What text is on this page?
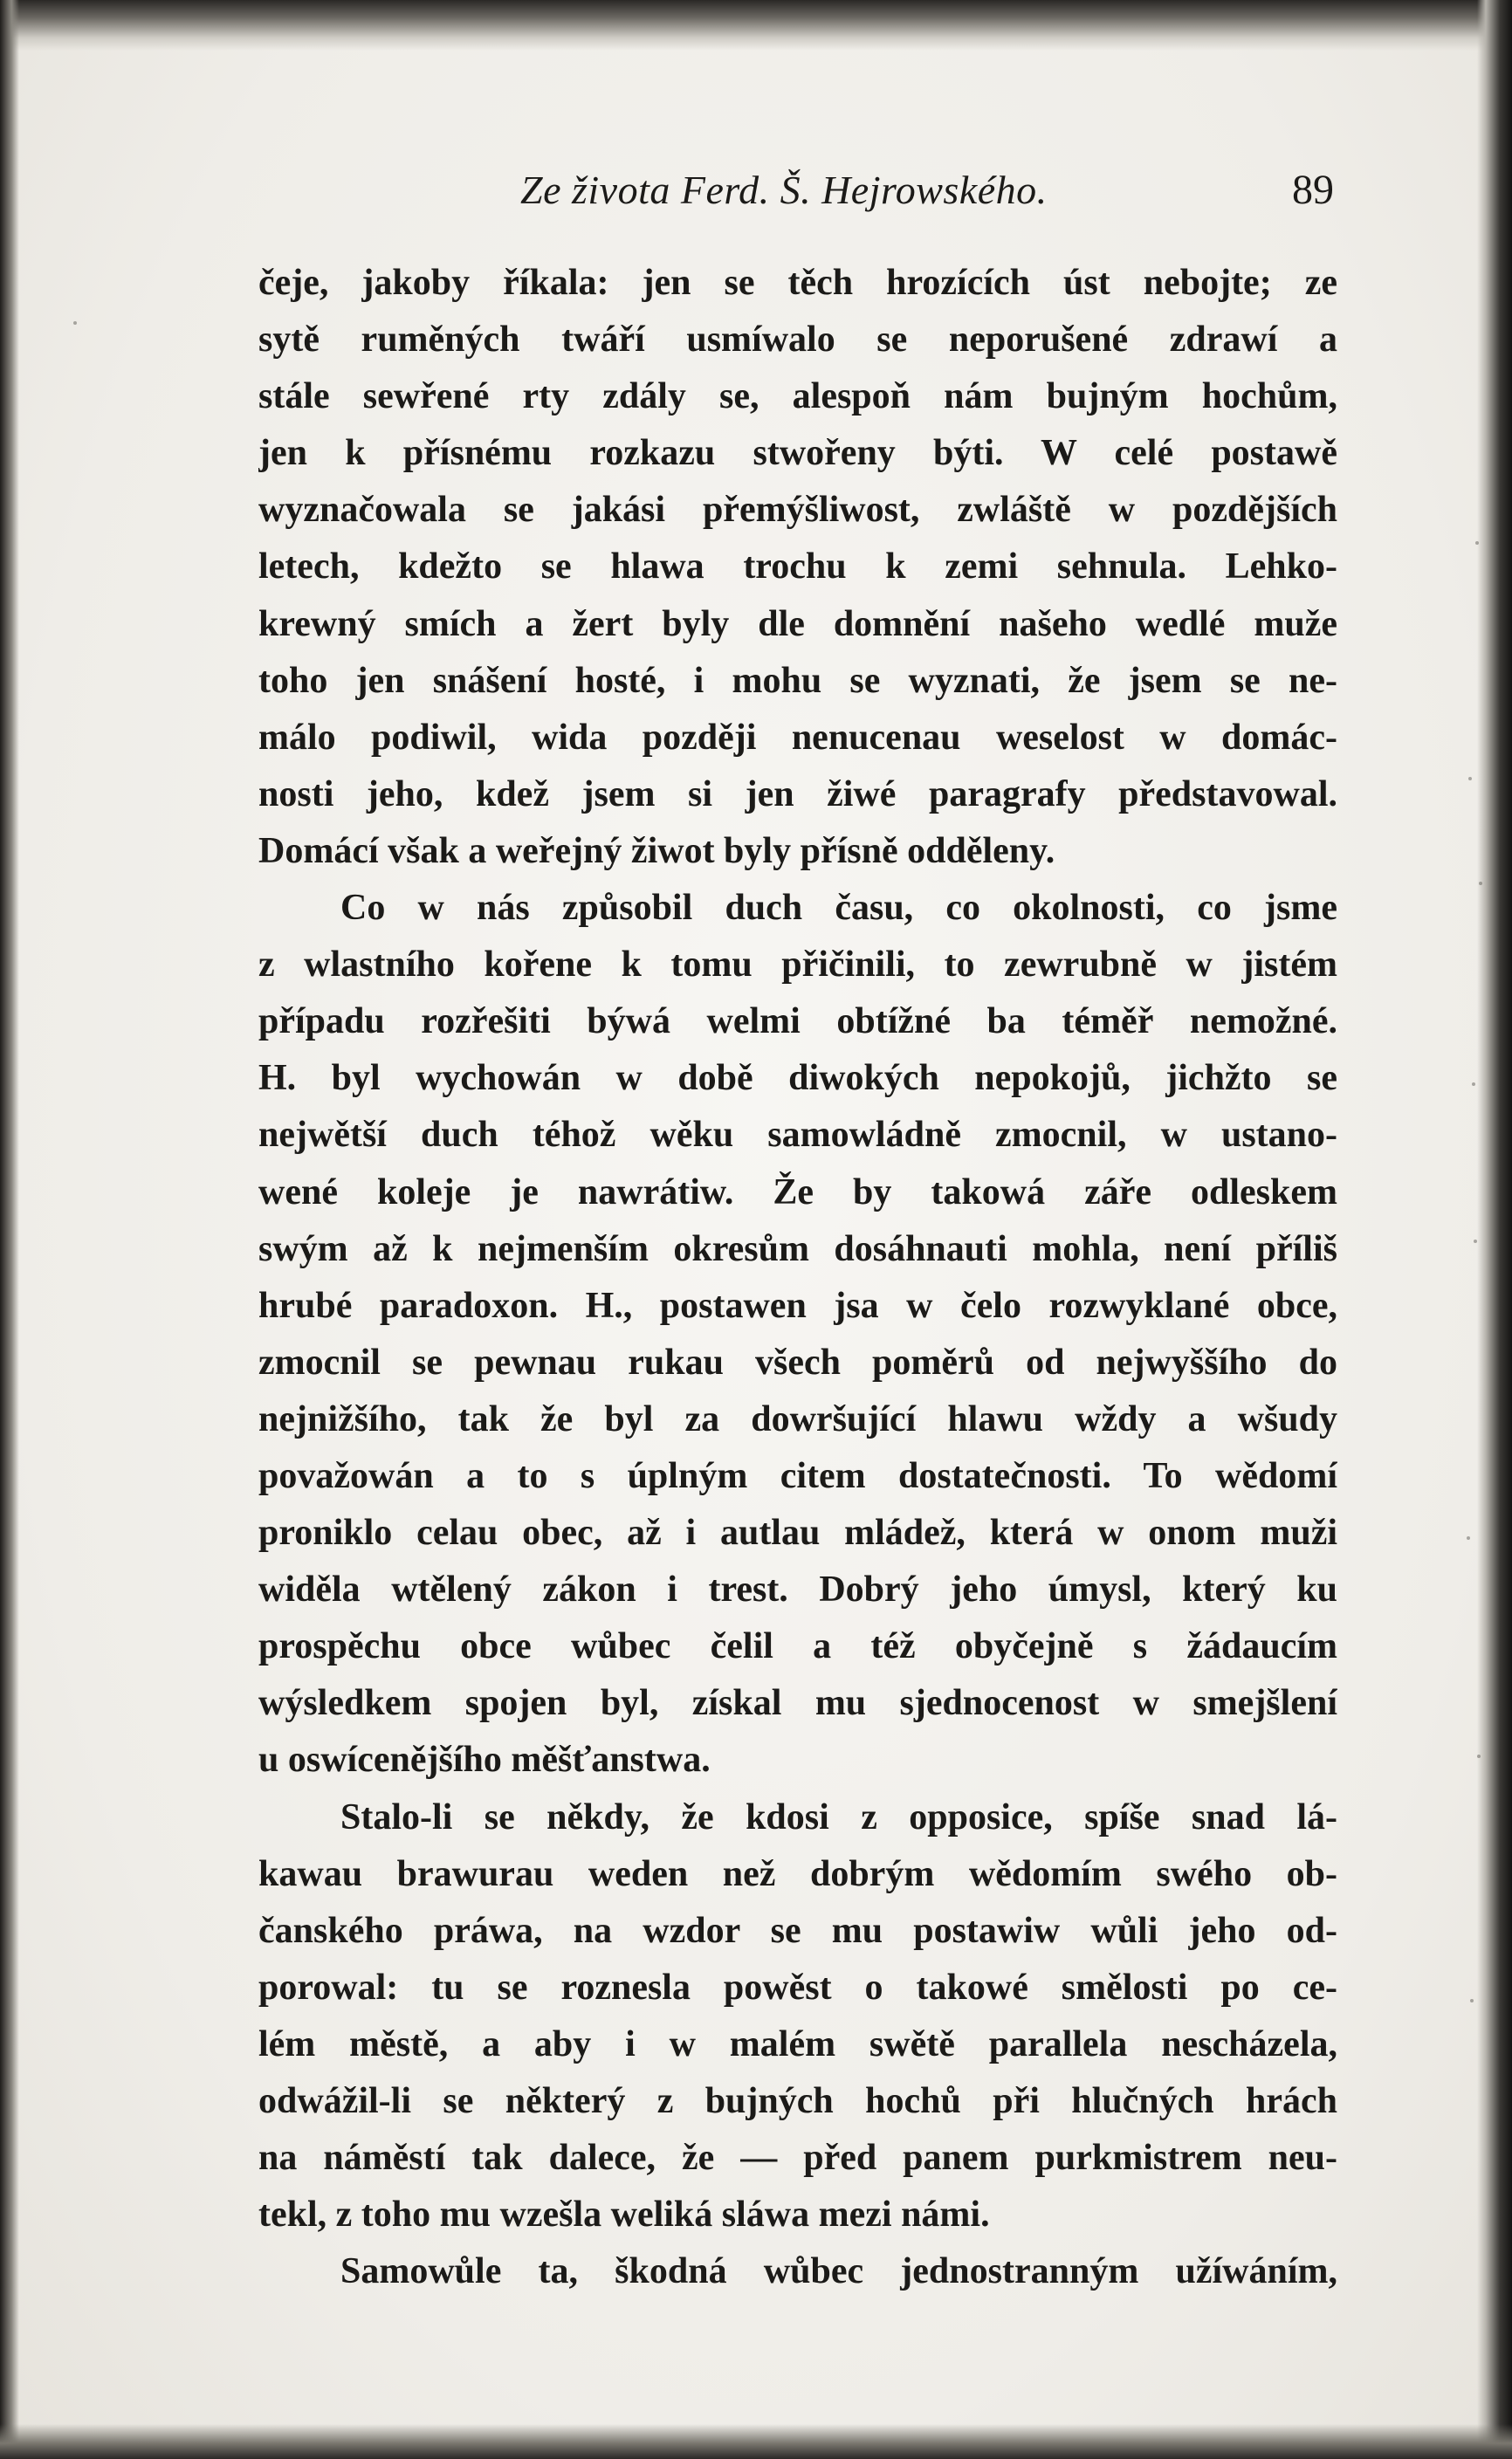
Ze života Ferd. Š. Hejrowského.	89
čeje, jakoby říkala: jen se těch hrozících úst nebojte; ze
sytě ruměných twáří usmíwalo se neporušené zdrawí a
stále sewřené rty zdály se, alespoň nám bujným hochům,
jen k přísnému rozkazu stwořeny býti. W celé postawě
wyznačowala se jakási přemýšliwost, zwláště w pozdějších
letech, kdežto se hlawa trochu k zemi sehnula. Lehko-
krewný smích a žert byly dle domnění našeho wedlé muže
toho jen snášení hosté, i mohu se wyznati, že jsem se ne-
málo podiwil, wida později nenucenau weselost w domác-
nosti jeho, kdež jsem si jen žiwé paragrafy představowal.
Domácí však a weřejný žiwot byly přísně odděleny.
Co w nás způsobil duch času, co okolnosti, co jsme
z wlastního kořene k tomu přičinili, to zewrubně w jistém
případu rozřešiti býwá welmi obtížné ba téměř nemožné.
H. byl wychowán w době diwokých nepokojů, jichžto se
nejwětší duch téhož wěku samowládně zmocnil, w ustano-
wené koleje je nawrátiw. Že by takowá záře odleskem
swým až k nejmenším okresům dosáhnauti mohla, není příliš
hrubé paradoxon. H., postawen jsa w čelo rozwyklané obce,
zmocnil se pewnau rukau všech poměrů od nejwyššího do
nejnižšího, tak že byl za dowršující hlawu wždy a wšudy
považowán a to s úplným citem dostatečnosti. To wědomí
proniklo celau obec, až i autlau mládež, která w onom muži
widěla wtělený zákon i trest. Dobrý jeho úmysl, který ku
prospěchu obce wůbec čelil a též obyčejně s žádaucím
wýsledkem spojen byl, získal mu sjednocenost w smejšlení
u oswícenějšího měšťanstwa.
Stalo-li se někdy, že kdosi z opposice, spíše snad lá-
kawau brawurau weden než dobrým wědomím swého ob-
čanského práwa, na wzdor se mu postawiw wůli jeho od-
porowal: tu se roznesla powěst o takowé smělosti po ce-
lém městě, a aby i w malém swětě parallela nescházela,
odwážil-li se některý z bujných hochů při hlučných hrách
na náměstí tak dalece, že — před panem purkmistrem neu-
tekl, z toho mu wzešla weliká sláwa mezi námi.
Samowůle ta, škodná wůbec jednostranným užíwáním,
